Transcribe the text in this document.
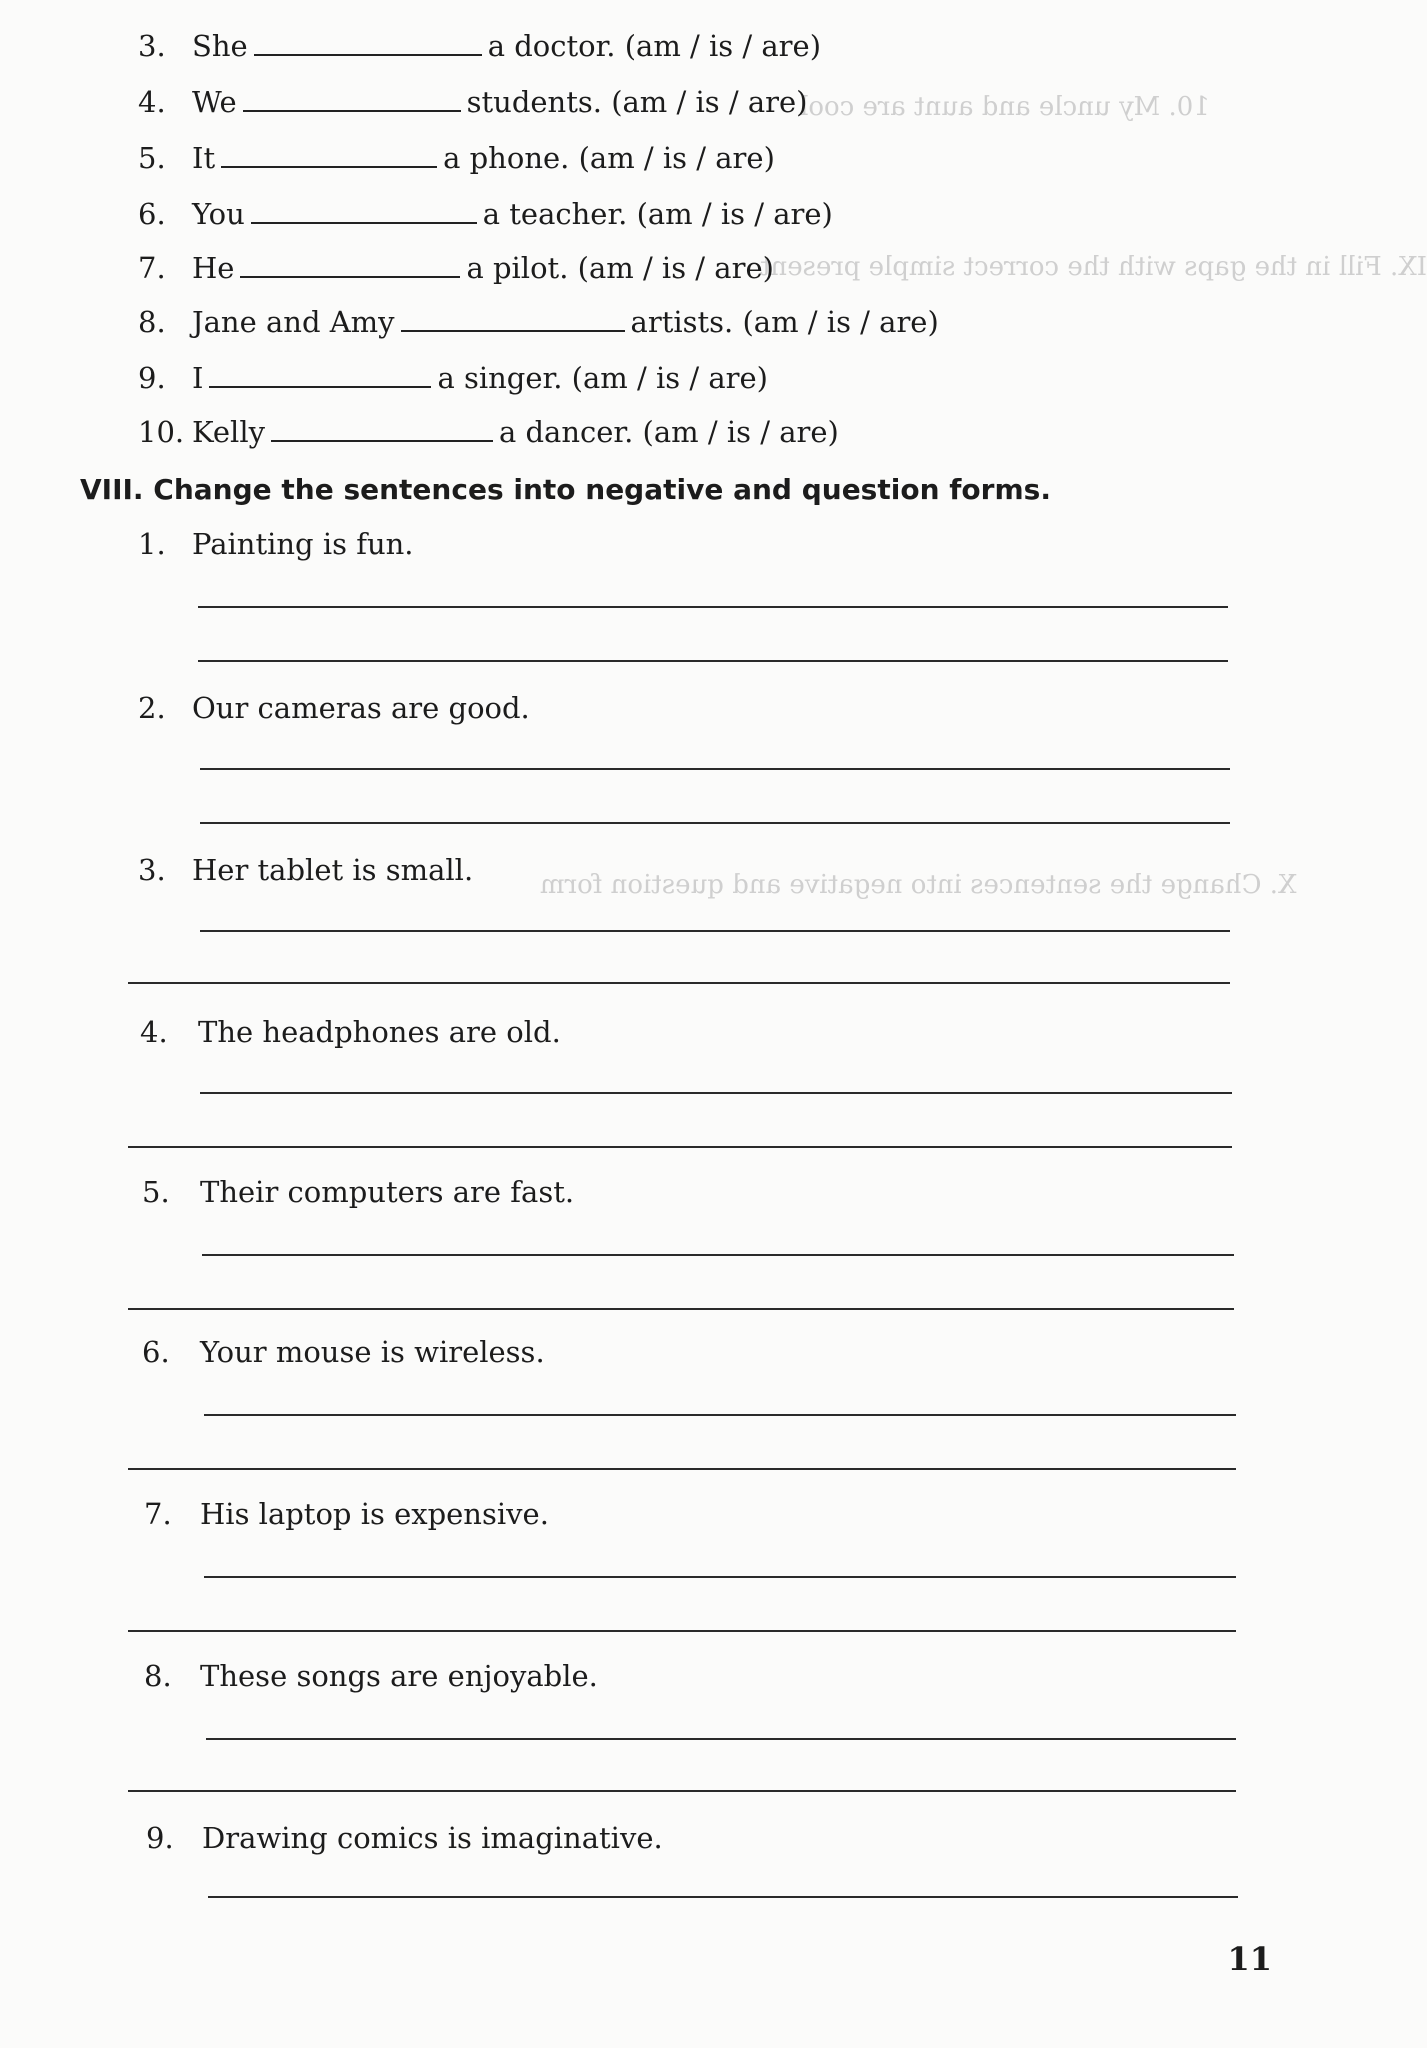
10. My uncle and aunt are cool
IX. Fill in the gaps with the correct simple present
X. Change the sentences into negative and question form
3. She	a doctor. (am / is / are)
4. We	students. (am / is / are)
5. It	a phone. (am / is / are)
6. You	a teacher. (am / is / are)
7. He	a pilot. (am / is / are)
8. Jane and Amy	artists. (am / is / are)
9. I	a singer. (am / is / are)
10. Kelly	a dancer. (am / is / are)
VIII. Change the sentences into negative and question forms.
1. Painting is fun.
2. Our cameras are good.
3. Her tablet is small.
4. The headphones are old.
5. Their computers are fast.
6. Your mouse is wireless.
7. His laptop is expensive.
8. These songs are enjoyable.
9. Drawing comics is imaginative.
11
